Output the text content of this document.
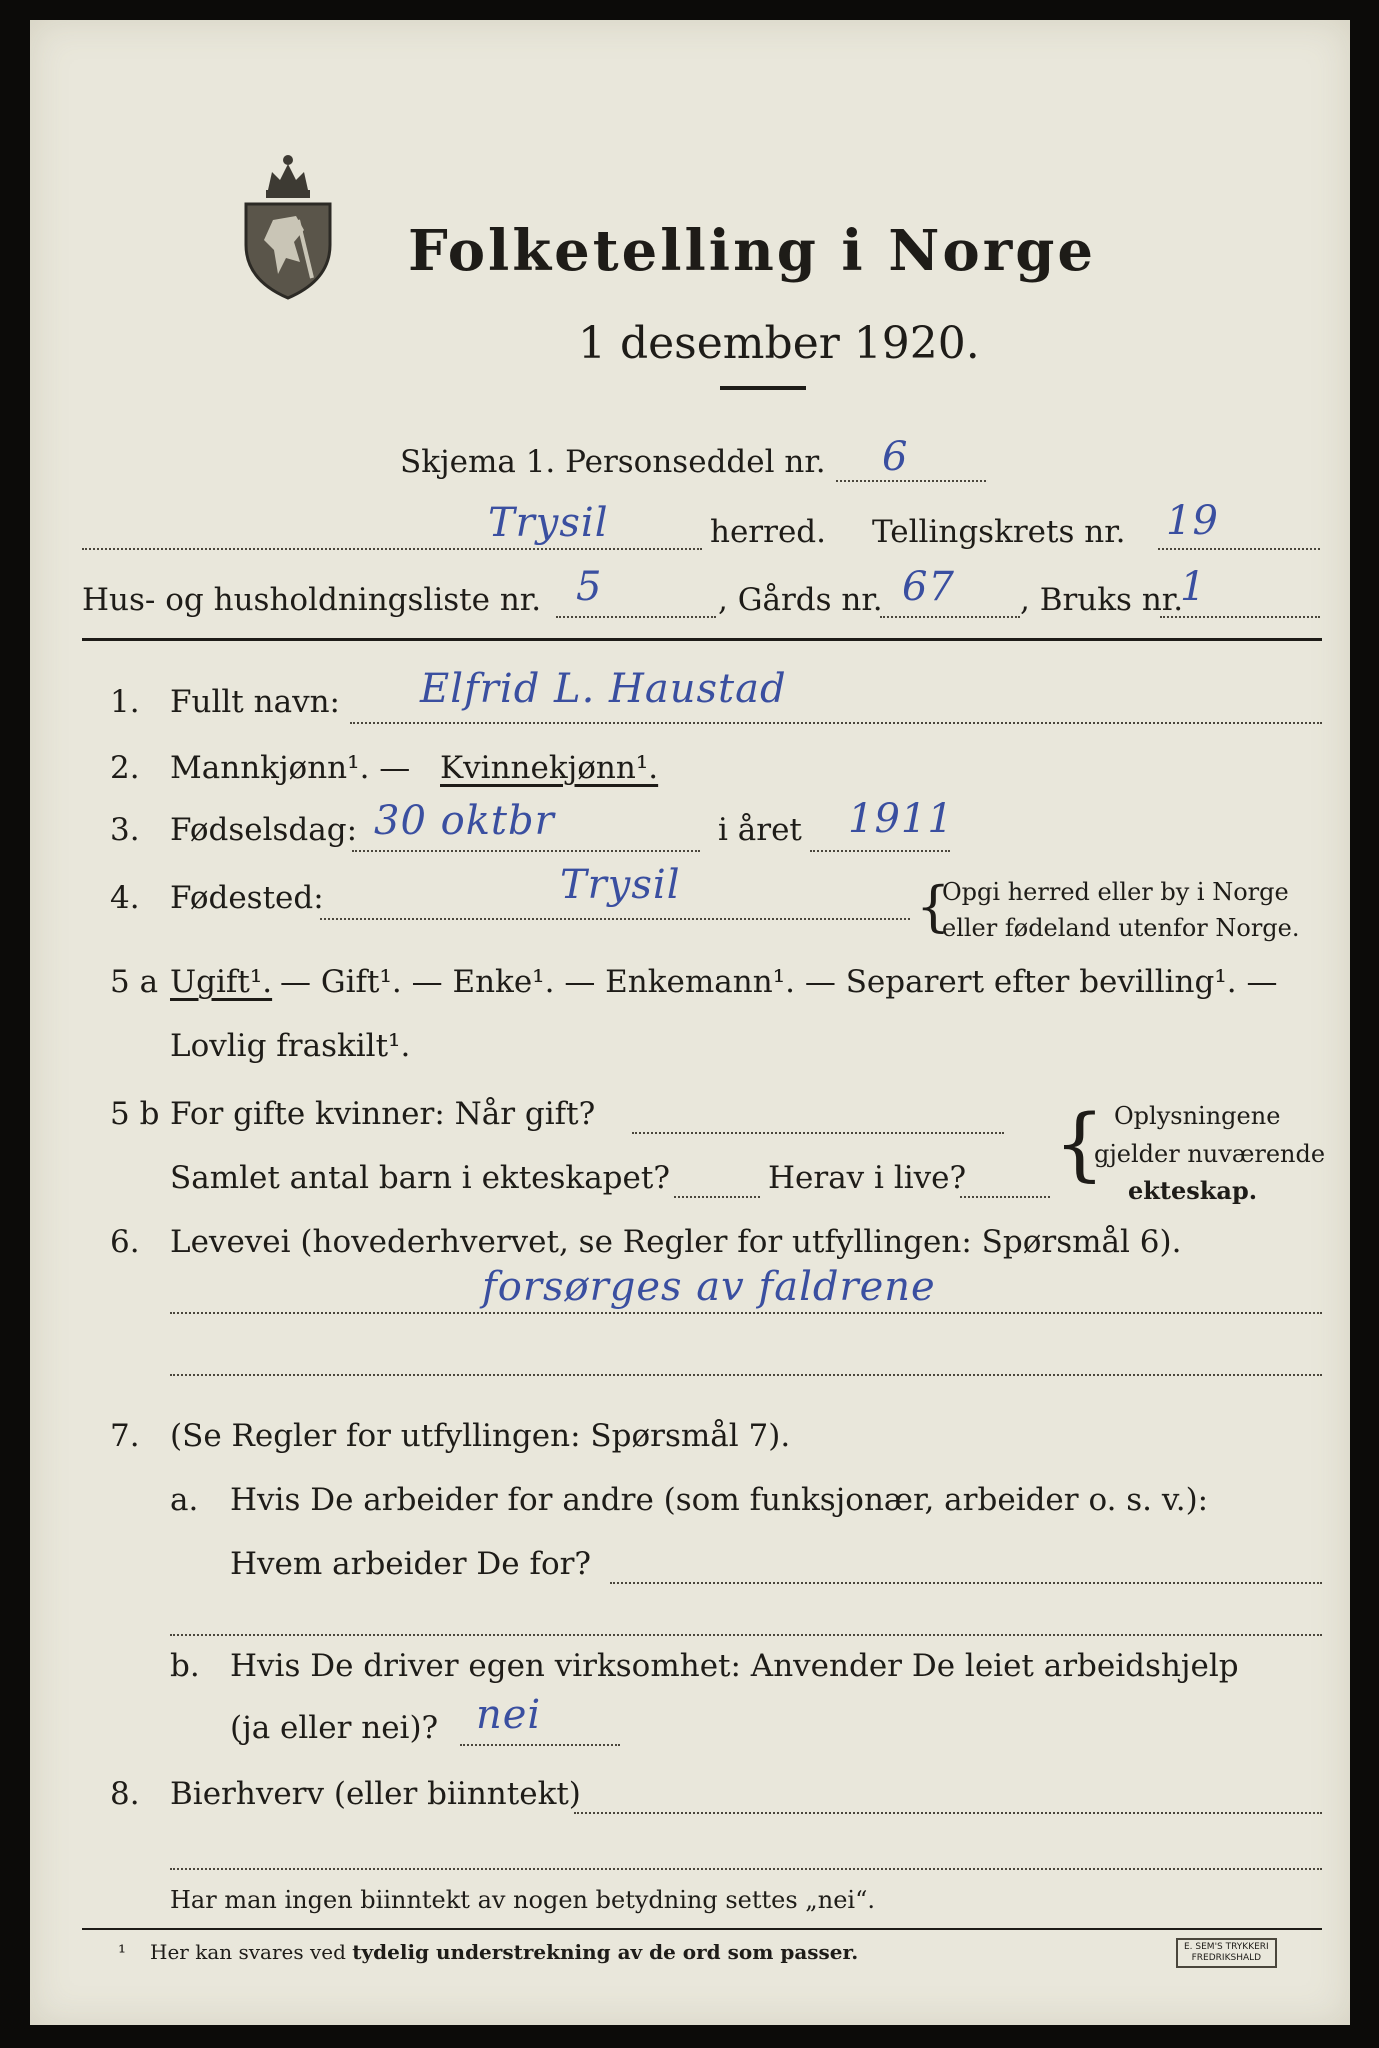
Folketelling i Norge
1 desember 1920.
Skjema 1. Personseddel nr. 6
Trysil	herred. Tellingskrets nr. 19
Hus- og husholdningsliste nr. 5	, Gårds nr. 67 , Bruks nr.
1
1. Fullt navn: Elfrid L. Haustad
2. Mannkjønn¹. — Kvinnekjønn¹.
3. Fødselsdag: 30 oktbr	i året 1911
4. Fødested:	Trysil	{
Opgi herred eller by i Norge
eller fødeland utenfor Norge.
5 a Ugift¹. — Gift¹. — Enke¹. — Enkemann¹. — Separert efter bevilling¹. —
Lovlig fraskilt¹.
5 b For gifte kvinner: Når gift?
Samlet antal barn i ekteskapet?	Herav i live? { Oplysningene
gjelder nuværende
ekteskap.
6. Levevei (hovederhvervet, se Regler for utfyllingen: Spørsmål 6).
forsørges av faldrene
7. (Se Regler for utfyllingen: Spørsmål 7).
a. Hvis De arbeider for andre (som funksjonær, arbeider o. s. v.):
Hvem arbeider De for?
b. Hvis De driver egen virksomhet: Anvender De leiet arbeidshjelp
(ja eller nei)? nei
8. Bierhverv (eller biinntekt)
Har man ingen biinntekt av nogen betydning settes „nei“.
¹ Her kan svares ved tydelig understrekning av de ord som passer.	E. SEM'S TRYKKERI
FREDRIKSHALD
